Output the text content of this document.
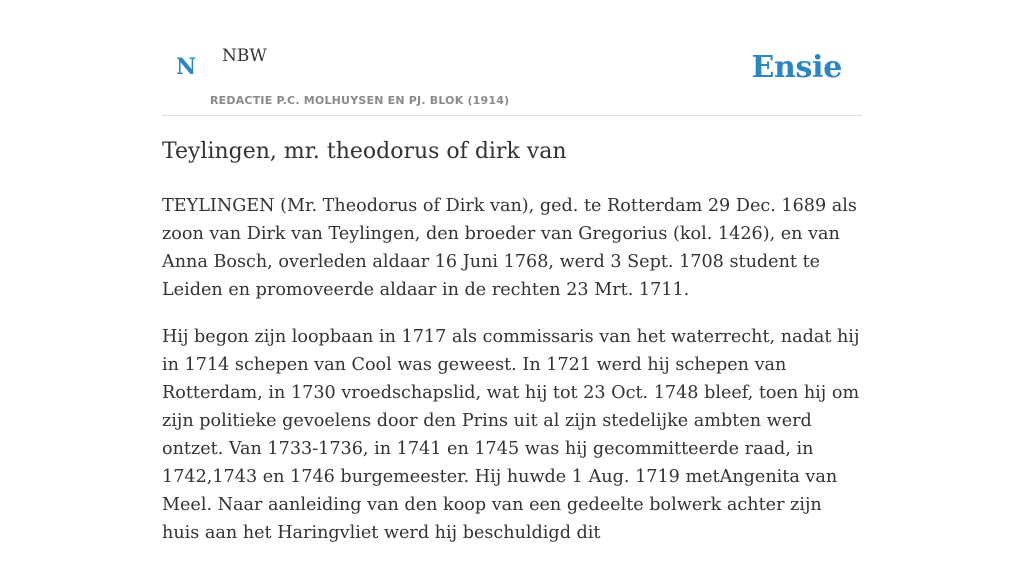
N NBW
REDACTIE P.C. MOLHUYSEN EN PJ. BLOK (1914)
Ensie
Teylingen, mr. theodorus of dirk van

TEYLINGEN (Mr. Theodorus of Dirk van), ged. te Rotterdam 29 Dec. 1689 als zoon van Dirk van Teylingen, den broeder van Gregorius (kol. 1426), en van Anna Bosch, overleden aldaar 16 Juni 1768, werd 3 Sept. 1708 student te Leiden en promoveerde aldaar in de rechten 23 Mrt. 1711.

Hij begon zijn loopbaan in 1717 als commissaris van het waterrecht, nadat hij in 1714 schepen van Cool was geweest. In 1721 werd hij schepen van Rotterdam, in 1730 vroedschapslid, wat hij tot 23 Oct. 1748 bleef, toen hij om zijn politieke gevoelens door den Prins uit al zijn stedelijke ambten werd ontzet. Van 1733-1736, in 1741 en 1745 was hij gecommitteerde raad, in 1742,1743 en 1746 burgemeester. Hij huwde 1 Aug. 1719 metAngenita van Meel. Naar aanleiding van den koop van een gedeelte bolwerk achter zijn huis aan het Haringvliet werd hij beschuldigd dit
